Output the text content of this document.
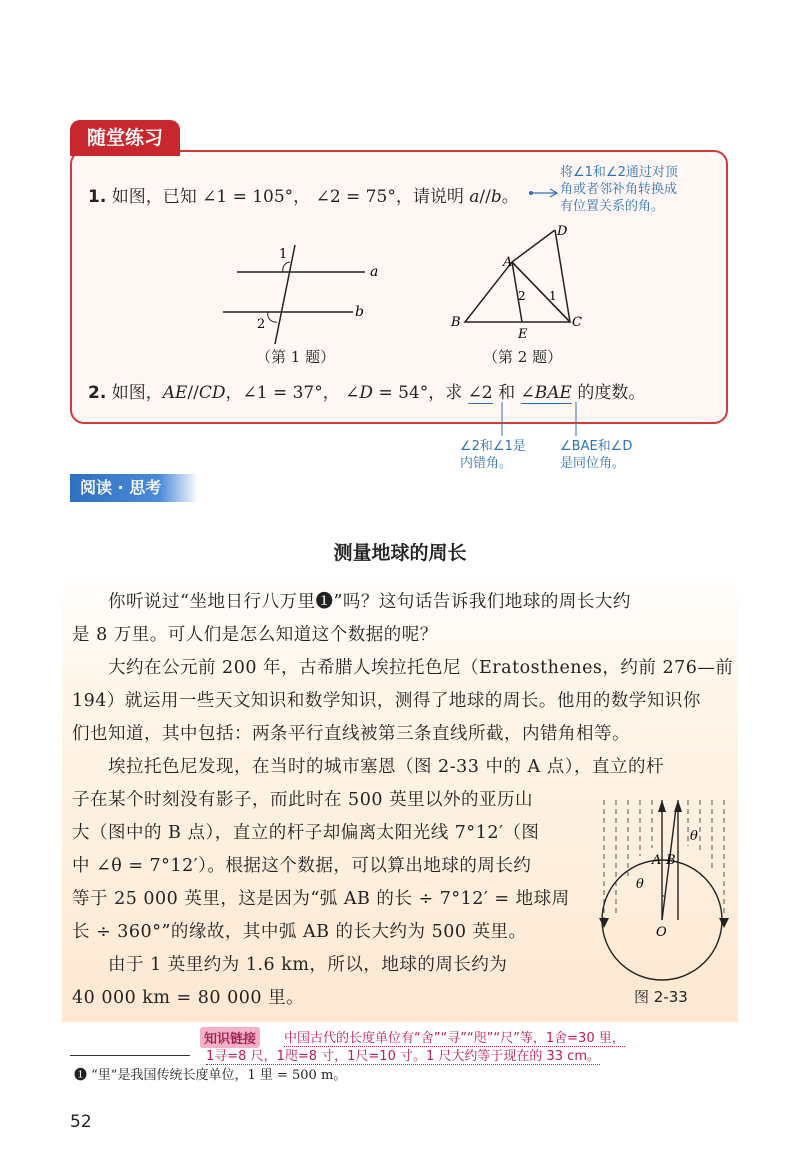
随堂练习
1. 如图，已知 ∠1 = 105°， ∠2 = 75°，请说明 a//b。
将∠1和∠2通过对顶
角或者邻补角转换成
有位置关系的角。
1
2
a
b
（第 1 题）
A
B	C
D
E
2 1
（第 2 题）
2. 如图，AE//CD，∠1 = 37°， ∠D = 54°，求 ∠2 和 ∠BAE 的度数。
∠2和∠1是
内错角。
∠BAE和∠D
是同位角。
阅读 · 思考
测量地球的周长
你听说过“坐地日行八万里❶”吗？这句话告诉我们地球的周长大约
是 8 万里。可人们是怎么知道这个数据的呢？
大约在公元前 200 年，古希腊人埃拉托色尼（Eratosthenes，约前 276—前
194）就运用一些天文知识和数学知识，测得了地球的周长。他用的数学知识你
们也知道，其中包括：两条平行直线被第三条直线所截，内错角相等。
埃拉托色尼发现，在当时的城市塞恩（图 2-33 中的 A 点），直立的杆
子在某个时刻没有影子，而此时在 500 英里以外的亚历山
大（图中的 B 点），直立的杆子却偏离太阳光线 7°12′（图
中 ∠θ = 7°12′）。根据这个数据，可以算出地球的周长约
等于 25 000 英里，这是因为“弧 AB 的长 ÷ 7°12′ = 地球周
长 ÷ 360°”的缘故，其中弧 AB 的长大约为 500 英里。
由于 1 英里约为 1.6 km，所以，地球的周长约为
40 000 km = 80 000 里。
θ
θ
A B
O
图 2-33
知识链接	中国古代的长度单位有“舍”“寻”“咫”“尺”等，1舍=30 里，
1寻=8 尺，1咫=8 寸，1尺=10 寸。1 尺大约等于现在的 33 cm。
❶ “里”是我国传统长度单位，1 里 = 500 m。
52
